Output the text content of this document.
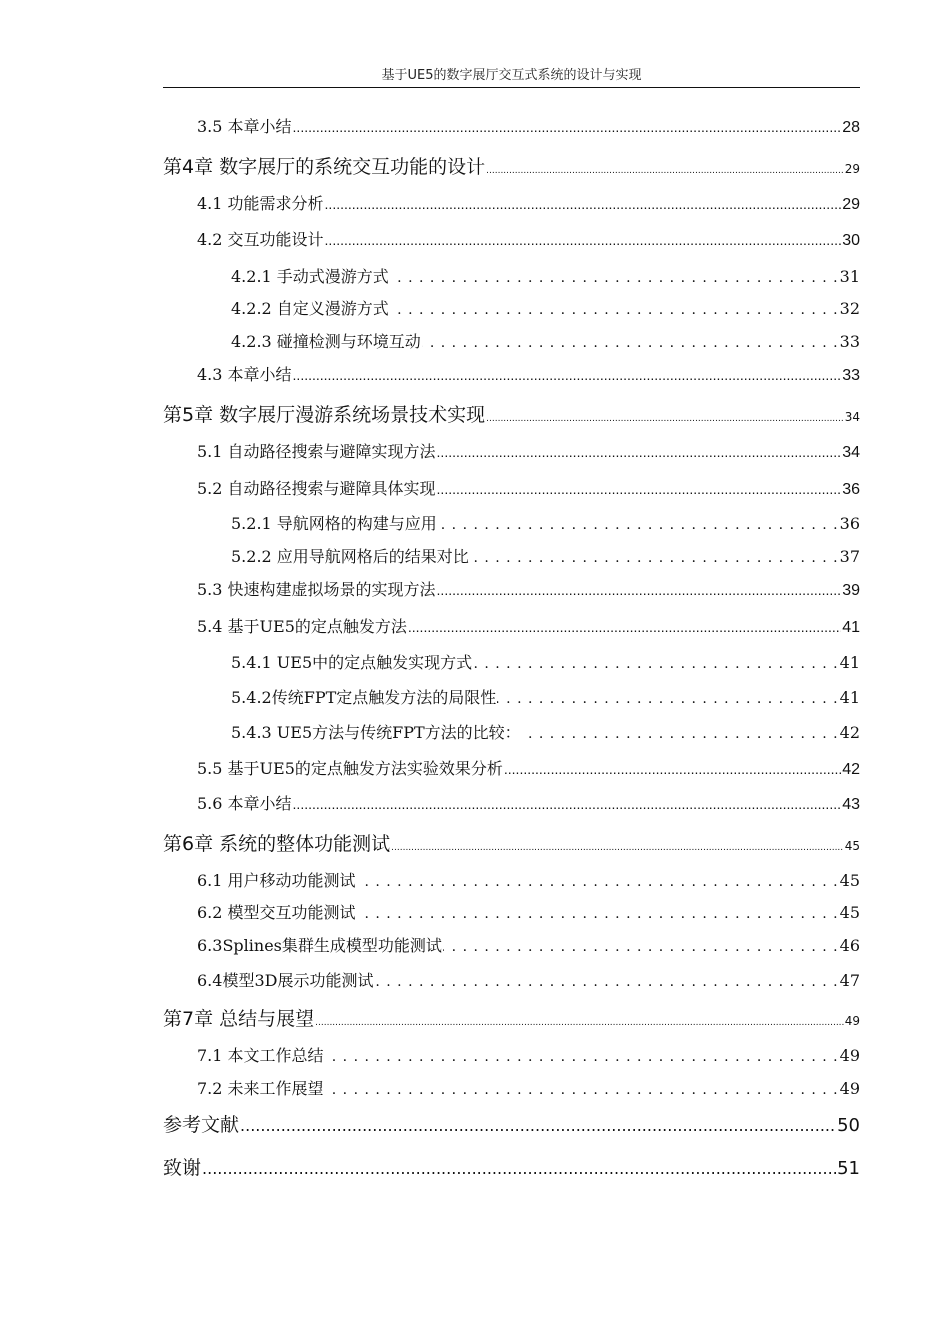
基于UE5的数字展厅交互式系统的设计与实现
3.5 本章小结 .....	28
第4章 数字展厅的系统交互功能的设计 .....	29
4.1 功能需求分析 .....	29
4.2 交互功能设计 .....	30
4.2.1 手动式漫游方式 . .	31
4.2.2 自定义漫游方式 . .	32
4.2.3 碰撞检测与环境互动 . .	33
4.3 本章小结 .....	33
第5章 数字展厅漫游系统场景技术实现 .....	34
5.1 自动路径搜索与避障实现方法 .....	34
5.2 自动路径搜索与避障具体实现 .....	36
5.2.1 导航网格的构建与应用 . .	36
5.2.2 应用导航网格后的结果对比 . .	37
5.3 快速构建虚拟场景的实现方法 .....	39
5.4 基于UE5的定点触发方法 .....	41
5.4.1 UE5中的定点触发实现方式 . .	41
5.4.2传统FPT定点触发方法的局限性 . .	41
5.4.3 UE5方法与传统FPT方法的比较： . .	42
5.5 基于UE5的定点触发方法实验效果分析 .....	42
5.6 本章小结 .....	43
第6章 系统的整体功能测试 .....	45
6.1 用户移动功能测试 . .	45
6.2 模型交互功能测试 . .	45
6.3Splines集群生成模型功能测试 . .	46
6.4模型3D展示功能测试 . .	47
第7章 总结与展望 .....	49
7.1 本文工作总结 . .	49
7.2 未来工作展望 . .	49
参考文献 .....	50
致谢 .....	51
